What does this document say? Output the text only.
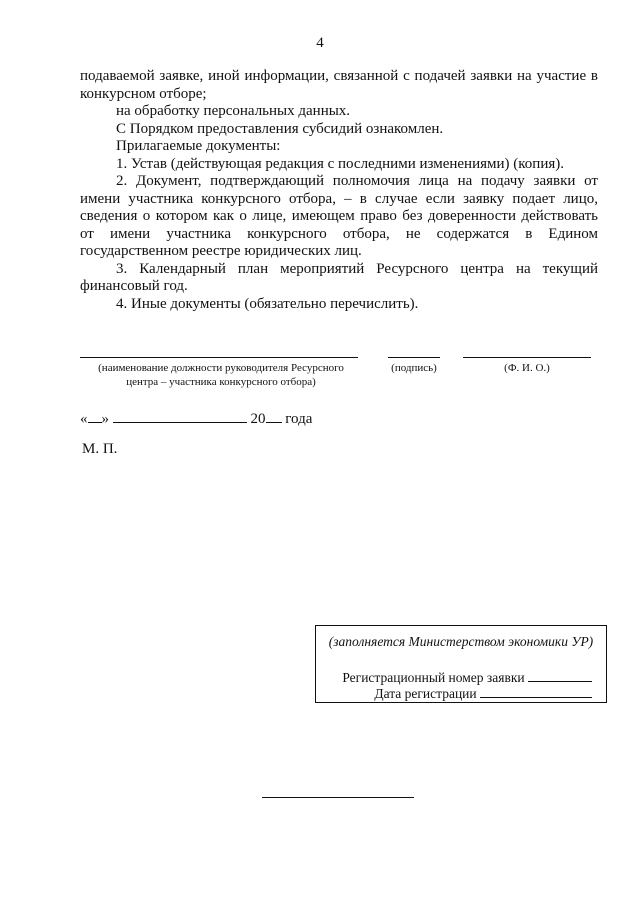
4

подаваемой заявке, иной информации, связанной с подачей заявки на участие в конкурсном отборе;

на обработку персональных данных.

С Порядком предоставления субсидий ознакомлен.

Прилагаемые документы:

1. Устав (действующая редакция с последними изменениями) (копия).

2. Документ, подтверждающий полномочия лица на подачу заявки от имени участника конкурсного отбора, – в случае если заявку подает лицо, сведения о котором как о лице, имеющем право без доверенности действовать от имени участника конкурсного отбора, не содержатся в Едином государственном реестре юридических лиц.

3. Календарный план мероприятий Ресурсного центра на текущий финансовый год.

4. Иные документы (обязательно перечислить).

(наименование должности руководителя Ресурсного
центра – участника конкурсного отбора)
(подпись)	(Ф. И. О.)
« »	20 года
М. П.
(заполняется Министерством экономики УР)
Регистрационный номер заявки
Дата регистрации
